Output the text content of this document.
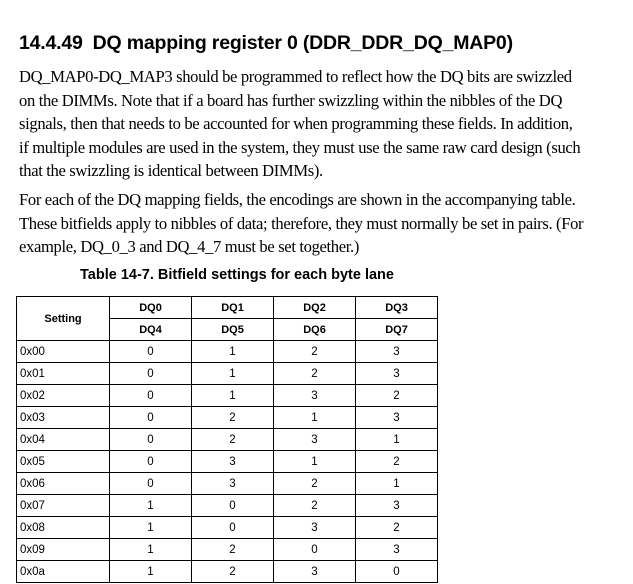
14.4.49 DQ mapping register 0 (DDR_DDR_DQ_MAP0)

DQ_MAP0-DQ_MAP3 should be programmed to reflect how the DQ bits are swizzled
on the DIMMs. Note that if a board has further swizzling within the nibbles of the DQ
signals, then that needs to be accounted for when programming these fields. In addition,
if multiple modules are used in the system, they must use the same raw card design (such
that the swizzling is identical between DIMMs).

For each of the DQ mapping fields, the encodings are shown in the accompanying table.
These bitfields apply to nibbles of data; therefore, they must normally be set in pairs. (For
example, DQ_0_3 and DQ_4_7 must be set together.)

Table 14-7. Bitfield settings for each byte lane
Setting	DQ0	DQ1	DQ2	DQ3
	DQ4	DQ5	DQ6	DQ7
0x00	0	1	2	3
0x01	0	1	2	3
0x02	0	1	3	2
0x03	0	2	1	3
0x04	0	2	3	1
0x05	0	3	1	2
0x06	0	3	2	1
0x07	1	0	2	3
0x08	1	0	3	2
0x09	1	2	0	3
0x0a	1	2	3	0
